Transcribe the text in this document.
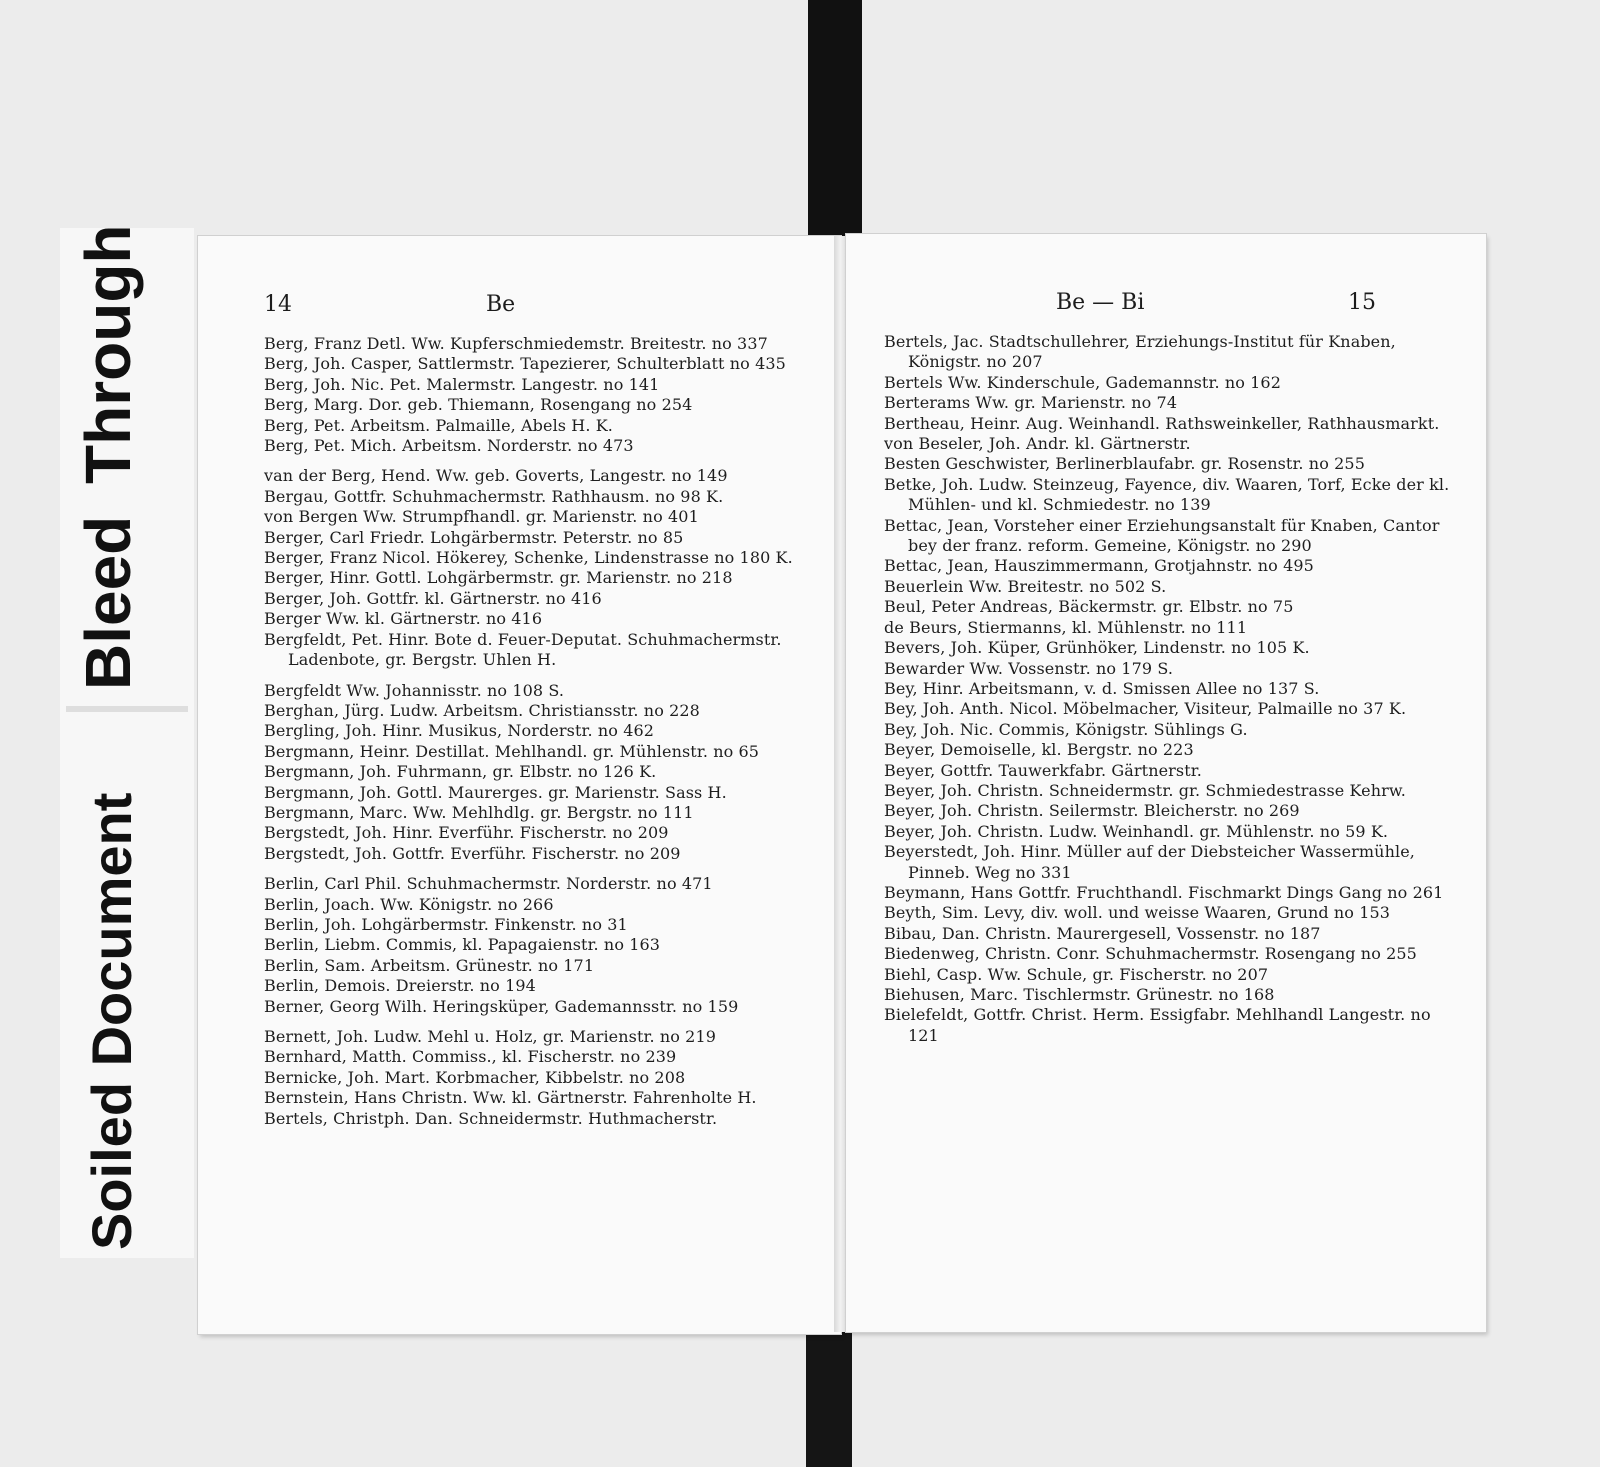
Bleed Through
Soiled Document
14	Be

Berg, Franz Detl. Ww. Kupferschmiedemstr. Breitestr. no 337

Berg, Joh. Casper, Sattlermstr. Tapezierer, Schulterblatt no 435

Berg, Joh. Nic. Pet. Malermstr. Langestr. no 141

Berg, Marg. Dor. geb. Thiemann, Rosengang no 254

Berg, Pet. Arbeitsm. Palmaille, Abels H. K.

Berg, Pet. Mich. Arbeitsm. Norderstr. no 473

van der Berg, Hend. Ww. geb. Goverts, Langestr. no 149

Bergau, Gottfr. Schuhmachermstr. Rathhausm. no 98 K.

von Bergen Ww. Strumpfhandl. gr. Marienstr. no 401

Berger, Carl Friedr. Lohgärbermstr. Peterstr. no 85

Berger, Franz Nicol. Hökerey, Schenke, Lindenstrasse no 180 K.

Berger, Hinr. Gottl. Lohgärbermstr. gr. Marienstr. no 218

Berger, Joh. Gottfr. kl. Gärtnerstr. no 416

Berger Ww. kl. Gärtnerstr. no 416

Bergfeldt, Pet. Hinr. Bote d. Feuer-Deputat. Schuhmachermstr. Ladenbote, gr. Bergstr. Uhlen H.

Bergfeldt Ww. Johannisstr. no 108 S.

Berghan, Jürg. Ludw. Arbeitsm. Christiansstr. no 228

Bergling, Joh. Hinr. Musikus, Norderstr. no 462

Bergmann, Heinr. Destillat. Mehlhandl. gr. Mühlenstr. no 65

Bergmann, Joh. Fuhrmann, gr. Elbstr. no 126 K.

Bergmann, Joh. Gottl. Maurerges. gr. Marienstr. Sass H.

Bergmann, Marc. Ww. Mehlhdlg. gr. Bergstr. no 111

Bergstedt, Joh. Hinr. Everführ. Fischerstr. no 209

Bergstedt, Joh. Gottfr. Everführ. Fischerstr. no 209

Berlin, Carl Phil. Schuhmachermstr. Norderstr. no 471

Berlin, Joach. Ww. Königstr. no 266

Berlin, Joh. Lohgärbermstr. Finkenstr. no 31

Berlin, Liebm. Commis, kl. Papagaienstr. no 163

Berlin, Sam. Arbeitsm. Grünestr. no 171

Berlin, Demois. Dreierstr. no 194

Berner, Georg Wilh. Heringsküper, Gademannsstr. no 159

Bernett, Joh. Ludw. Mehl u. Holz, gr. Marienstr. no 219

Bernhard, Matth. Commiss., kl. Fischerstr. no 239

Bernicke, Joh. Mart. Korbmacher, Kibbelstr. no 208

Bernstein, Hans Christn. Ww. kl. Gärtnerstr. Fahrenholte H.

Bertels, Christph. Dan. Schneidermstr. Huthmacherstr.

Be — Bi	15

Bertels, Jac. Stadtschullehrer, Erziehungs-Institut für Knaben, Königstr. no 207

Bertels Ww. Kinderschule, Gademannstr. no 162

Berterams Ww. gr. Marienstr. no 74

Bertheau, Heinr. Aug. Weinhandl. Rathsweinkeller, Rathhausmarkt.

von Beseler, Joh. Andr. kl. Gärtnerstr.

Besten Geschwister, Berlinerblaufabr. gr. Rosenstr. no 255

Betke, Joh. Ludw. Steinzeug, Fayence, div. Waaren, Torf, Ecke der kl. Mühlen- und kl. Schmiedestr. no 139

Bettac, Jean, Vorsteher einer Erziehungsanstalt für Knaben, Cantor bey der franz. reform. Gemeine, Königstr. no 290

Bettac, Jean, Hauszimmermann, Grotjahnstr. no 495

Beuerlein Ww. Breitestr. no 502 S.

Beul, Peter Andreas, Bäckermstr. gr. Elbstr. no 75

de Beurs, Stiermanns, kl. Mühlenstr. no 111

Bevers, Joh. Küper, Grünhöker, Lindenstr. no 105 K.

Bewarder Ww. Vossenstr. no 179 S.

Bey, Hinr. Arbeitsmann, v. d. Smissen Allee no 137 S.

Bey, Joh. Anth. Nicol. Möbelmacher, Visiteur, Palmaille no 37 K.

Bey, Joh. Nic. Commis, Königstr. Sühlings G.

Beyer, Demoiselle, kl. Bergstr. no 223

Beyer, Gottfr. Tauwerkfabr. Gärtnerstr.

Beyer, Joh. Christn. Schneidermstr. gr. Schmiedestrasse Kehrw.

Beyer, Joh. Christn. Seilermstr. Bleicherstr. no 269

Beyer, Joh. Christn. Ludw. Weinhandl. gr. Mühlenstr. no 59 K.

Beyerstedt, Joh. Hinr. Müller auf der Diebsteicher Wassermühle, Pinneb. Weg no 331

Beymann, Hans Gottfr. Fruchthandl. Fischmarkt Dings Gang no 261

Beyth, Sim. Levy, div. woll. und weisse Waaren, Grund no 153

Bibau, Dan. Christn. Maurergesell, Vossenstr. no 187

Biedenweg, Christn. Conr. Schuhmachermstr. Rosengang no 255

Biehl, Casp. Ww. Schule, gr. Fischerstr. no 207

Biehusen, Marc. Tischlermstr. Grünestr. no 168

Bielefeldt, Gottfr. Christ. Herm. Essigfabr. Mehlhandl Langestr. no 121
